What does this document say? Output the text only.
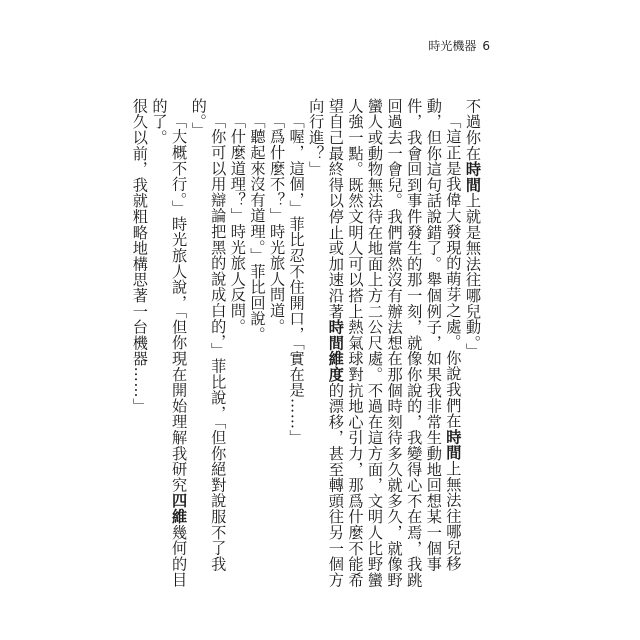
時光機器 6

不過你在時間上就是無法往哪兒動。」

「這正是我偉大發現的萌芽之處。你說我們在時間上無法往哪兒移動，但你這句話說錯了。舉個例子，如果我非常生動地回想某一個事件，我會回到事件發生的那一刻，就像你說的，我變得心不在焉，我跳回過去一會兒。我們當然沒有辦法想在那個時刻待多久就多久，就像野蠻人或動物無法待在地面上方二公尺處。不過在這方面，文明人比野蠻人強一點。既然文明人可以搭上熱氣球對抗地心引力，那爲什麼不能希望自己最終得以停止或加速沿著時間維度的漂移，甚至轉頭往另一個方向行進？」

「喔，這個，」菲比忍不住開口，「實在是……」

「爲什麼不？」時光旅人問道。

「聽起來沒有道理。」菲比回說。

「什麼道理？」時光旅人反問。

「你可以用辯論把黑的說成白的，」菲比說，「但你絕對說服不了我的。」

「大概不行。」時光旅人說，「但你現在開始理解我研究四維幾何的目的了。

很久以前，我就粗略地構思著一台機器……」
